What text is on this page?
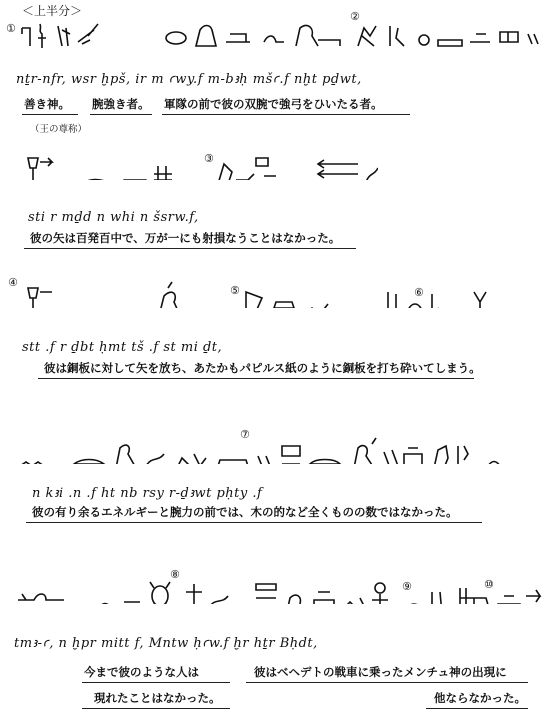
＜上半分＞
①
②
nṯr-nfr, wsr ḫpš, ir m ꜥwy.f m-bꜣḥ mšꜥ.f nḫt pḏwt,
善き神。 腕強き者。 軍隊の前で彼の双腕で強弓をひいたる者。
（王の尊称）
③
sti r mḏd n whi n šsrw.f,
彼の矢は百発百中で、万が一にも射損なうことはなかった。
④
⑤	⑥
stt .f r ḏbt ḥmt tš .f st mi ḏt,
彼は銅板に対して矢を放ち、あたかもパピルス紙のように銅板を打ち砕いてしまう。
⑦
n kꜣi .n .f ht nb rsy r-ḏꜣwt pḥty .f
彼の有り余るエネルギーと腕力の前では、木の的など全くものの数ではなかった。
⑧
⑨	⑩
tmꜣ-ꜥ, n ḫpr mitt f, Mntw ḥꜥw.f ḫr hṯr Bḥdt,
今まで彼のような人は
現れたことはなかった。
彼はベヘデトの戦車に乗ったメンチュ神の出現に
他ならなかった。
